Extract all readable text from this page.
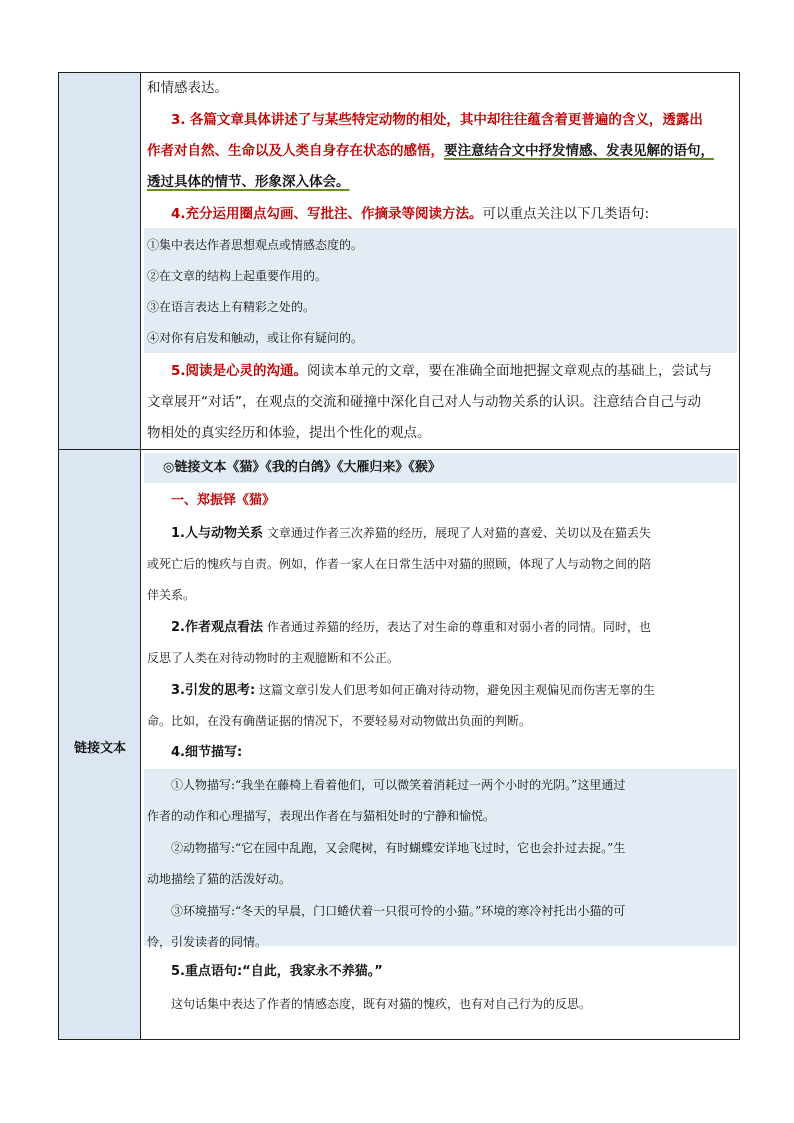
链接文本
和情感表达。
3. 各篇文章具体讲述了与某些特定动物的相处，其中却往往蕴含着更普遍的含义，透露出
作者对自然、生命以及人类自身存在状态的感悟，要注意结合文中抒发情感、发表见解的语句，
透过具体的情节、形象深入体会。
4.充分运用圈点勾画、写批注、作摘录等阅读方法。可以重点关注以下几类语句:
①集中表达作者思想观点或情感态度的。
②在文章的结构上起重要作用的。
③在语言表达上有精彩之处的。
④对你有启发和触动，或让你有疑问的。
5.阅读是心灵的沟通。阅读本单元的文章，要在准确全面地把握文章观点的基础上，尝试与
文章展开“对话”，在观点的交流和碰撞中深化自己对人与动物关系的认识。注意结合自己与动
物相处的真实经历和体验，提出个性化的观点。
◎链接文本《猫》《我的白鸽》《大雁归来》《猴》
一、郑振铎《猫》
1.人与动物关系 文章通过作者三次养猫的经历，展现了人对猫的喜爱、关切以及在猫丢失
或死亡后的愧疚与自责。例如，作者一家人在日常生活中对猫的照顾，体现了人与动物之间的陪
伴关系。
2.作者观点看法 作者通过养猫的经历，表达了对生命的尊重和对弱小者的同情。同时，也
反思了人类在对待动物时的主观臆断和不公正。
3.引发的思考: 这篇文章引发人们思考如何正确对待动物，避免因主观偏见而伤害无辜的生
命。比如，在没有确凿证据的情况下，不要轻易对动物做出负面的判断。
4.细节描写:
①人物描写:“我坐在藤椅上看着他们，可以微笑着消耗过一两个小时的光阴。”这里通过
作者的动作和心理描写，表现出作者在与猫相处时的宁静和愉悦。
②动物描写:“它在园中乱跑，又会爬树，有时蝴蝶安详地飞过时，它也会扑过去捉。”生
动地描绘了猫的活泼好动。
③环境描写:“冬天的早晨，门口蜷伏着一只很可怜的小猫。”环境的寒冷衬托出小猫的可
怜，引发读者的同情。
5.重点语句:“自此，我家永不养猫。”
这句话集中表达了作者的情感态度，既有对猫的愧疚，也有对自己行为的反思。
